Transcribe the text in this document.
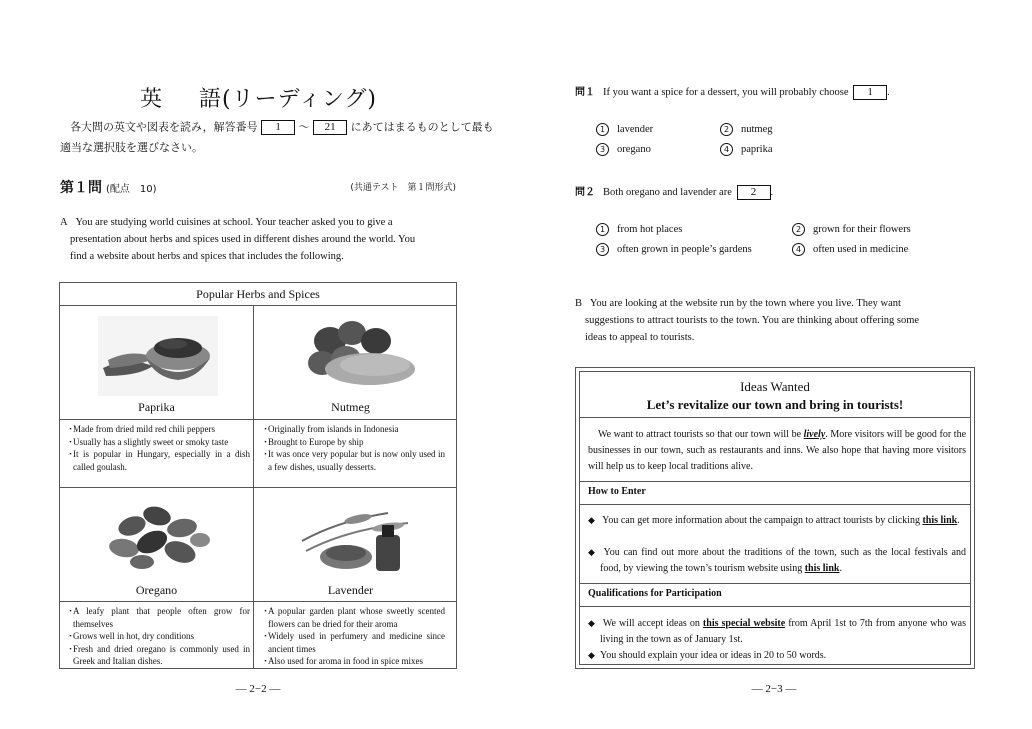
英 語(リーディング)
各大問の英文や図表を読み，解答番号 1 ～ 21 にあてはまるものとして最も
適当な選択肢を選びなさい。
第１問 (配点　10)	(共通テスト　第１問形式)
A You are studying world cuisines at school. Your teacher asked you to give a
presentation about herbs and spices used in different dishes around the world. You
find a website about herbs and spices that includes the following.
Popular Herbs and Spices
Paprika	Nutmeg
・ Made from dried mild red chili peppers
・ Usually has a slightly sweet or smoky taste
・ It is popular in Hungary, especially in a dish called goulash.
・ Originally from islands in Indonesia
・ Brought to Europe by ship
・ It was once very popular but is now only used in a few dishes, usually desserts.
Oregano	Lavender
・ A leafy plant that people often grow for themselves
・ Grows well in hot, dry conditions
・ Fresh and dried oregano is commonly used in Greek and Italian dishes.
・ A popular garden plant whose sweetly scented flowers can be dried for their aroma
・ Widely used in perfumery and medicine since ancient times
・ Also used for aroma in food in spice mixes
— 2−2 —
問１ If you want a spice for a dessert, you will probably choose 1 .
1 lavender	2 nutmeg
3 oregano	4 paprika
問２ Both oregano and lavender are 2 .
1 from hot places	2 grown for their flowers
3 often grown in people’s gardens	4 often used in medicine
B You are looking at the website run by the town where you live. They want
suggestions to attract tourists to the town. You are thinking about offering some
ideas to appeal to tourists.
Ideas Wanted
Let’s revitalize our town and bring in tourists!
We want to attract tourists so that our town will be lively. More visitors will be good for the businesses in our town, such as restaurants and inns. We also hope that having more visitors will help us to keep local traditions alive.
How to Enter
◆ You can get more information about the campaign to attract tourists by clicking this link.
◆ You can find out more about the traditions of the town, such as the local festivals and food, by viewing the town’s tourism website using this link.
Qualifications for Participation
◆ We will accept ideas on this special website from April 1st to 7th from anyone who was living in the town as of January 1st.
◆ You should explain your idea or ideas in 20 to 50 words.
— 2−3 —
